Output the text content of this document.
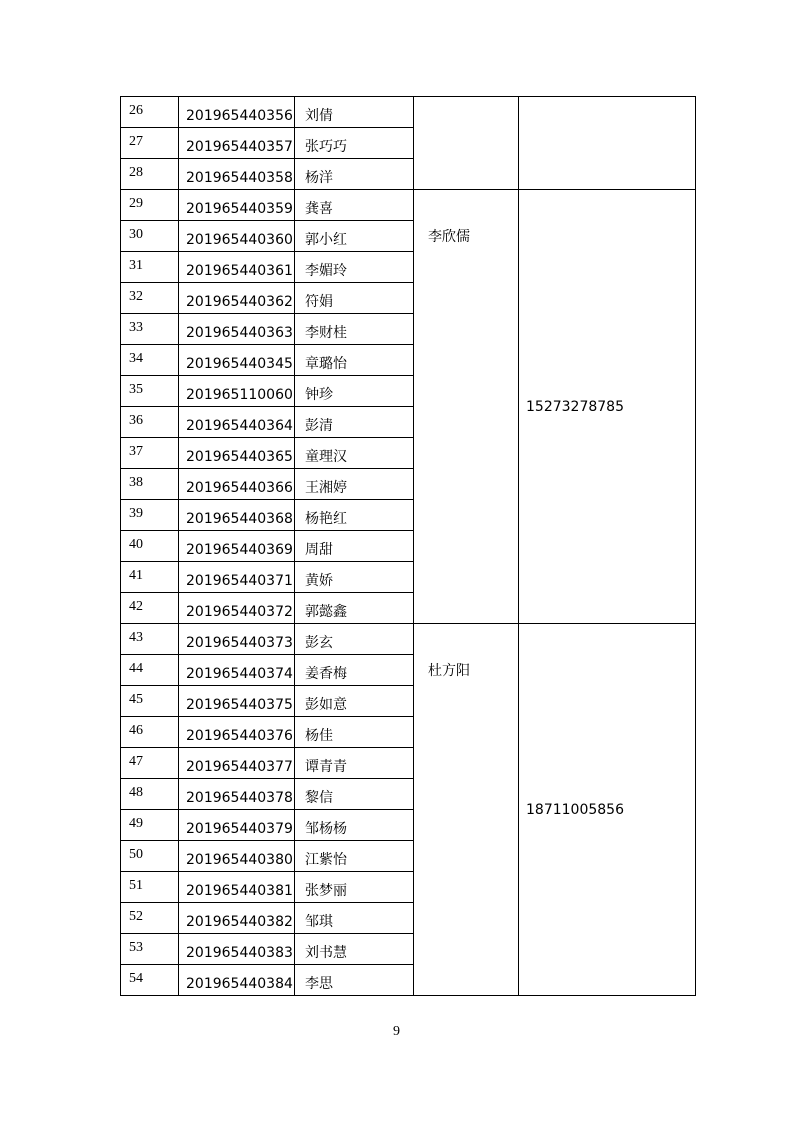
26	201965440356	刘倩		
27	201965440357	张巧巧		
28	201965440358	杨洋		
29	201965440359	龚喜	李欣儒	15273278785
30	201965440360	郭小红		
31	201965440361	李媚玲		
32	201965440362	符娟		
33	201965440363	李财桂		
34	201965440345	章璐怡		
35	201965110060	钟珍		
36	201965440364	彭清		
37	201965440365	童理汉		
38	201965440366	王湘婷		
39	201965440368	杨艳红		
40	201965440369	周甜		
41	201965440371	黄娇		
42	201965440372	郭懿鑫		
43	201965440373	彭玄	杜方阳	18711005856
44	201965440374	姜香梅		
45	201965440375	彭如意		
46	201965440376	杨佳		
47	201965440377	谭青青		
48	201965440378	黎信		
49	201965440379	邹杨杨		
50	201965440380	江紫怡		
51	201965440381	张梦丽		
52	201965440382	邹琪		
53	201965440383	刘书慧		
54	201965440384	李思		
9
